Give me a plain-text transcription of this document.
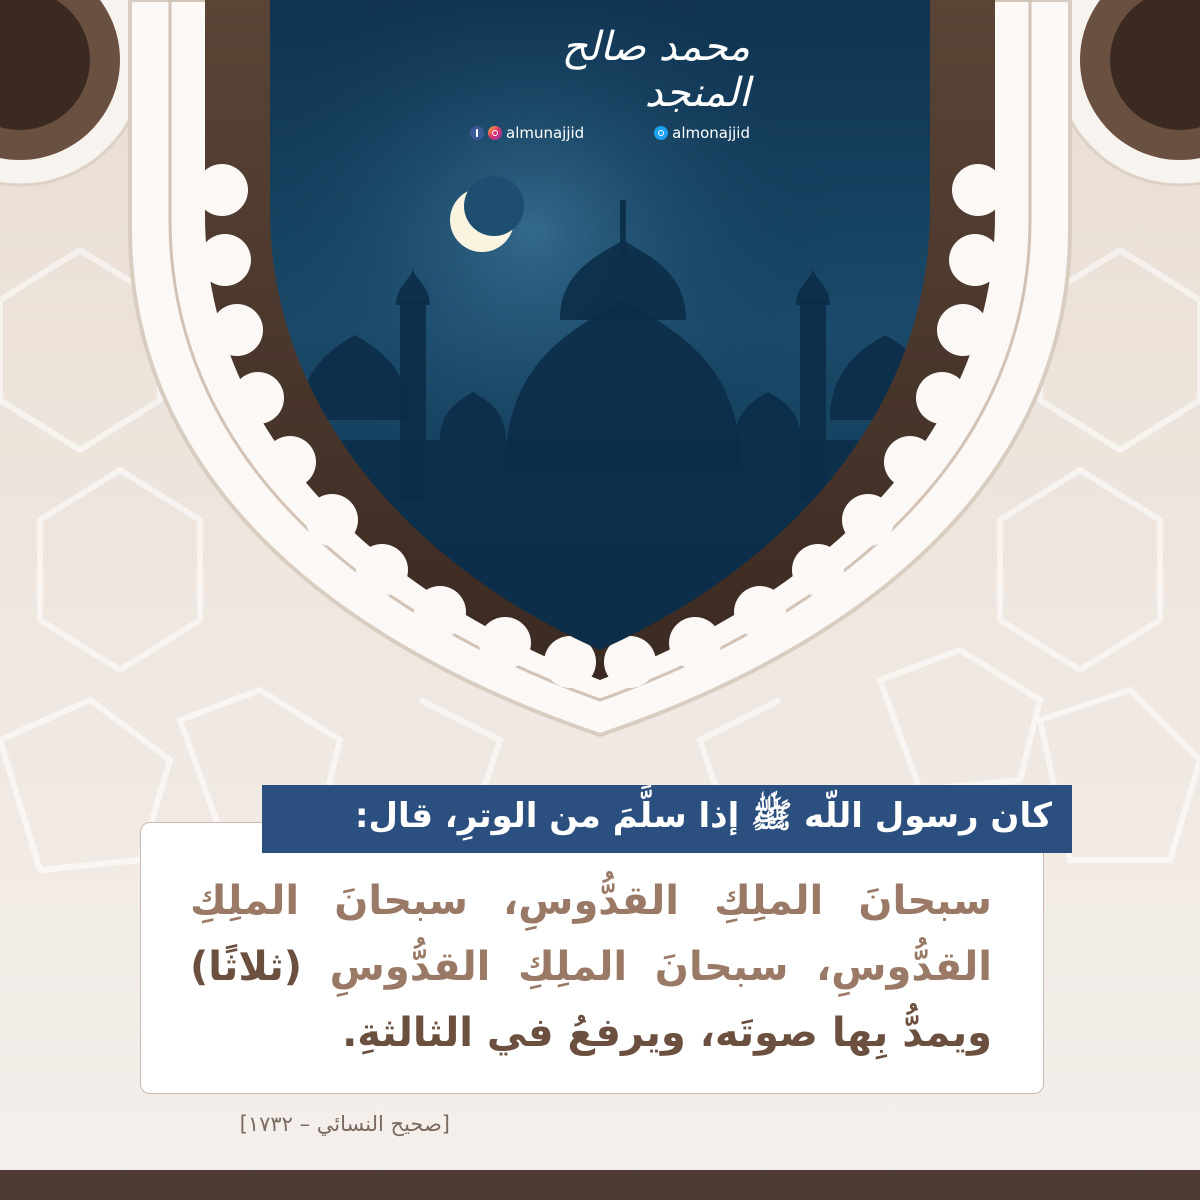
محمد صالح المنجد
almunajjid	almonajjid
كان رسول اللّه ﷺ إذا سلَّمَ من الوترِ، قال:
سبحانَ الملِكِ القدُّوسِ، سبحانَ الملِكِ القدُّوسِ، سبحانَ الملِكِ القدُّوسِ (ثلاثًا) ويمدُّ بِها صوتَه، ويرفعُ في الثالثةِ.
[صحيح النسائي – ١٧٣٢]
